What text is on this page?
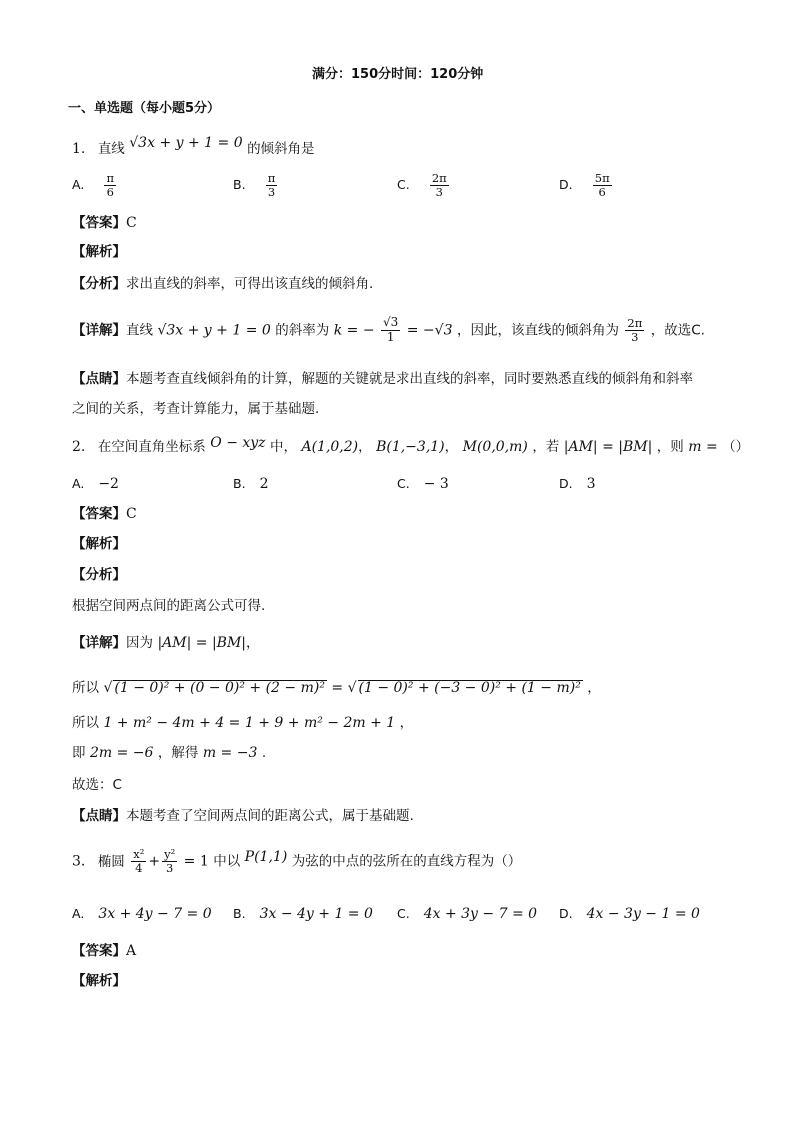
满分：150分时间：120分钟
一、单选题（每小题5分）
1. 直线 √3x + y + 1 = 0 的倾斜角是
A. $\frac{\pi}{6}$	B. $\frac{\pi}{3}$	C. $\frac{2\pi}{3}$	D. $\frac{5\pi}{6}$
【答案】C
【解析】
【分析】求出直线的斜率，可得出该直线的倾斜角.
【详解】直线 √3x + y + 1 = 0 的斜率为 k = − $\frac{√3}{1} = -√3$ ，因此，该直线的倾斜角为 $\frac{2\pi}{3}$ ，故选C.
【点睛】本题考查直线倾斜角的计算，解题的关键就是求出直线的斜率，同时要熟悉直线的倾斜角和斜率
之间的关系，考查计算能力，属于基础题.
2. 在空间直角坐标系 O − xyz 中， A(1,0,2)， B(1,−3,1)， M(0,0,m) ，若 |AM| = |BM| ，则 m = （）
A. −2	B. 2	C. − 3	D. 3
【答案】C
【解析】
【分析】
根据空间两点间的距离公式可得.
【详解】因为 |AM| = |BM|，
所以 √ (1 − 0)² + (0 − 0)² + (2 − m)² = √ (1 − 0)² + (−3 − 0)² + (1 − m)² ，
所以 1 + m² − 4m + 4 = 1 + 9 + m² − 2m + 1 ，
即 2m = −6 ，解得 m = −3 .
故选：C
【点睛】本题考查了空间两点间的距离公式，属于基础题.
3. 椭圆 $\frac{\text{x²}}{4} + \frac{\text{y²}}{3} = 1$ 中以 P(1,1) 为弦的中点的弦所在的直线方程为（）
A. 3x + 4y − 7 = 0 B. 3x − 4y + 1 = 0 C. 4x + 3y − 7 = 0 D. 4x − 3y − 1 = 0
【答案】A
【解析】
